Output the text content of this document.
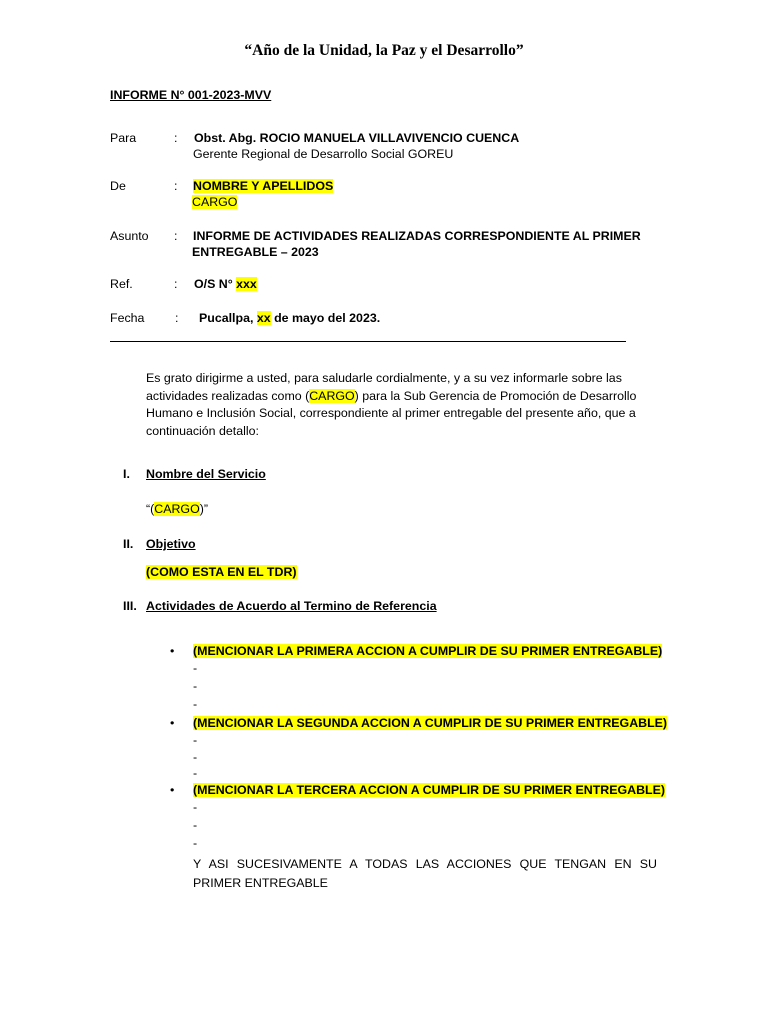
“Año de la Unidad, la Paz y el Desarrollo”
INFORME N° 001-2023-MVV
Para	: Obst. Abg. ROCIO MANUELA VILLAVIVENCIO CUENCA
Gerente Regional de Desarrollo Social GOREU
De	: NOMBRE Y APELLIDOS
CARGO
Asunto : INFORME DE ACTIVIDADES REALIZADAS CORRESPONDIENTE AL PRIMER
ENTREGABLE – 2023
Ref.	: O/S N° xxx
Fecha : Pucallpa, xx de mayo del 2023.
Es grato dirigirme a usted, para saludarle cordialmente, y a su vez informarle sobre las actividades realizadas como (CARGO) para la Sub Gerencia de Promoción de Desarrollo Humano e Inclusión Social, correspondiente al primer entregable del presente año, que a continuación detallo:
I. Nombre del Servicio
“(CARGO)”
II. Objetivo
(COMO ESTA EN EL TDR)
III. Actividades de Acuerdo al Termino de Referencia
• (MENCIONAR LA PRIMERA ACCION A CUMPLIR DE SU PRIMER ENTREGABLE)
-
-
-
• (MENCIONAR LA SEGUNDA ACCION A CUMPLIR DE SU PRIMER ENTREGABLE)
-
-
-
• (MENCIONAR LA TERCERA ACCION A CUMPLIR DE SU PRIMER ENTREGABLE)
-
-
-
Y ASI SUCESIVAMENTE A TODAS LAS ACCIONES QUE TENGAN EN SU PRIMER ENTREGABLE
